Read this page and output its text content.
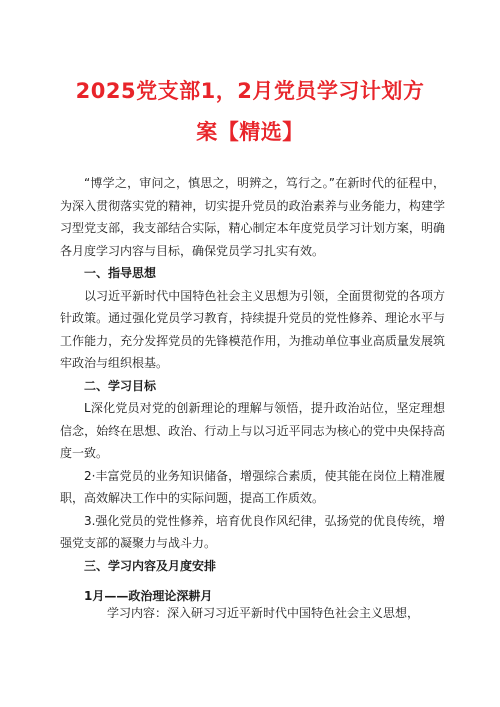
2025党支部1，2月党员学习计划方
案【精选】

“博学之，审问之，慎思之，明辨之，笃行之。”在新时代的征程中，为深入贯彻落实党的精神，切实提升党员的政治素养与业务能力，构建学习型党支部，我支部结合实际，精心制定本年度党员学习计划方案，明确各月度学习内容与目标，确保党员学习扎实有效。

一、指导思想

以习近平新时代中国特色社会主义思想为引领，全面贯彻党的各项方针政策。通过强化党员学习教育，持续提升党员的党性修养、理论水平与工作能力，充分发挥党员的先锋模范作用，为推动单位事业高质量发展筑牢政治与组织根基。

二、学习目标

L深化党员对党的创新理论的理解与领悟，提升政治站位，坚定理想信念，始终在思想、政治、行动上与以习近平同志为核心的党中央保持高度一致。

2·丰富党员的业务知识储备，增强综合素质，使其能在岗位上精准履职，高效解决工作中的实际问题，提高工作质效。

3.强化党员的党性修养，培育优良作风纪律，弘扬党的优良传统，增强党支部的凝聚力与战斗力。

三、学习内容及月度安排

1月——政治理论深耕月

学习内容：深入研习习近平新时代中国特色社会主义思想，
